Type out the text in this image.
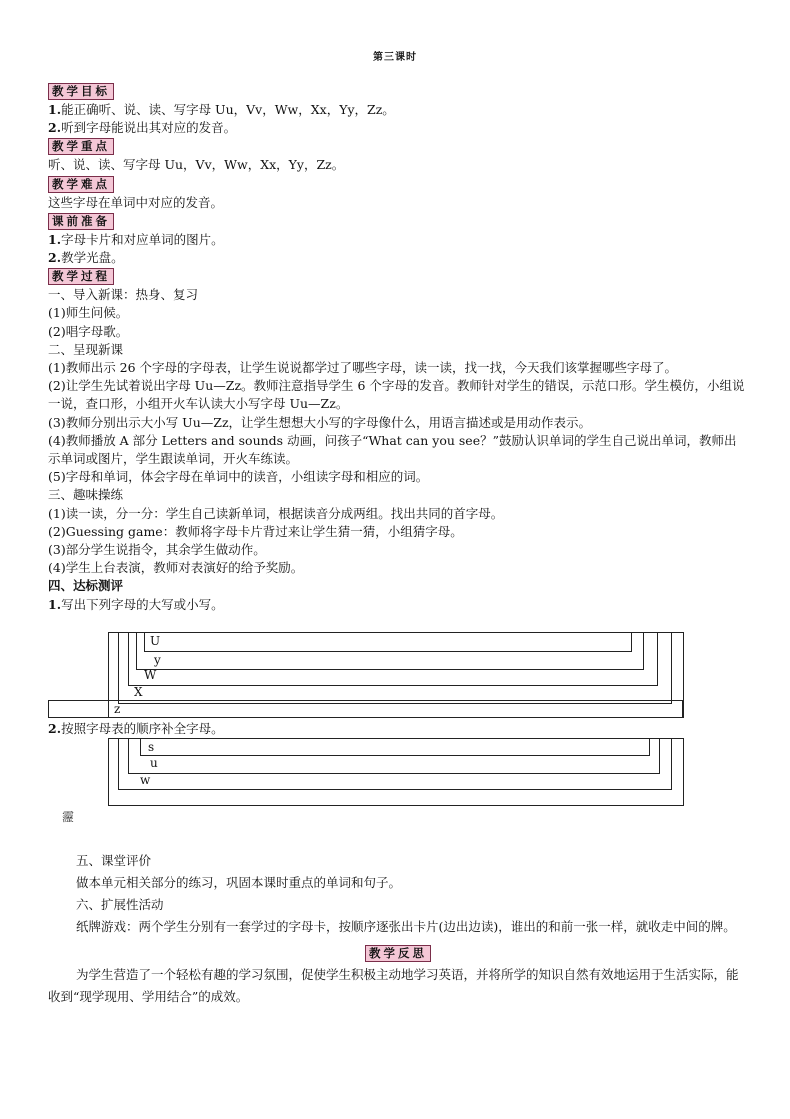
第三课时
教学目标
1.能正确听、说、读、写字母 Uu，Vv，Ww，Xx，Yy，Zz。
2.听到字母能说出其对应的发音。
教学重点
听、说、读、写字母 Uu，Vv，Ww，Xx，Yy，Zz。
教学难点
这些字母在单词中对应的发音。
课前准备
1.字母卡片和对应单词的图片。
2.教学光盘。
教学过程
一、导入新课：热身、复习
(1)师生问候。
(2)唱字母歌。
二、呈现新课
(1)教师出示 26 个字母的字母表，让学生说说都学过了哪些字母，读一读，找一找，今天我们该掌握哪些字母了。
(2)让学生先试着说出字母 Uu—Zz。教师注意指导学生 6 个字母的发音。教师针对学生的错误，示范口形。学生模仿，小组说一说，查口形，小组开火车认读大小写字母 Uu—Zz。
(3)教师分别出示大小写 Uu—Zz，让学生想想大小写的字母像什么，用语言描述或是用动作表示。
(4)教师播放 A 部分 Letters and sounds 动画，问孩子“What can you see？”鼓励认识单词的学生自己说出单词，教师出示单词或图片，学生跟读单词，开火车练读。
(5)字母和单词，体会字母在单词中的读音，小组读字母和相应的词。
三、趣味操练
(1)读一读，分一分：学生自己读新单词，根据读音分成两组。找出共同的首字母。
(2)Guessing game：教师将字母卡片背过来让学生猜一猜，小组猜字母。
(3)部分学生说指令，其余学生做动作。
(4)学生上台表演，教师对表演好的给予奖励。
四、达标测评
1.写出下列字母的大写或小写。
U
y
W
X
z
2.按照字母表的顺序补全字母。
s
u
w
靋
五、课堂评价
做本单元相关部分的练习，巩固本课时重点的单词和句子。
六、扩展性活动
纸牌游戏：两个学生分别有一套学过的字母卡，按顺序逐张出卡片(边出边读)，谁出的和前一张一样，就收走中间的牌。
教学反思
为学生营造了一个轻松有趣的学习氛围，促使学生积极主动地学习英语，并将所学的知识自然有效地运用于生活实际，能收到“现学现用、学用结合”的成效。
